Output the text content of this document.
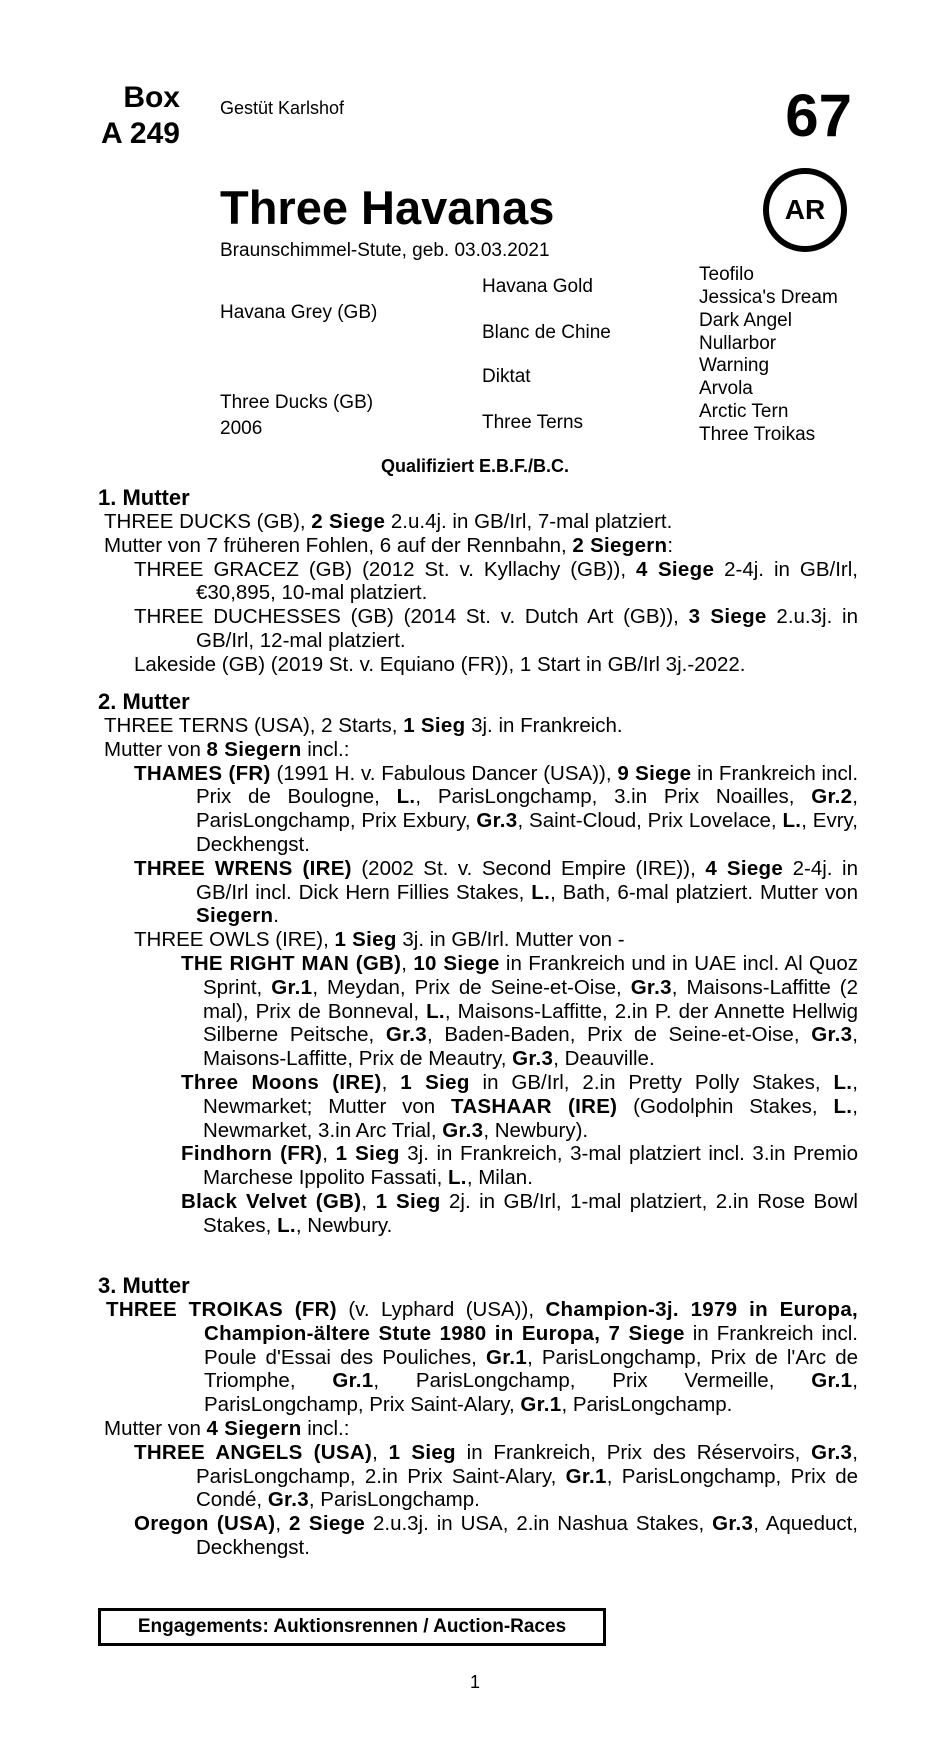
Box
A 249
Gestüt Karlshof	67
AR
Three Havanas
Braunschimmel-Stute, geb. 03.03.2021
Havana Grey (GB)
Three Ducks (GB)
2006
Havana Gold
Blanc de Chine
Diktat
Three Terns
Teofilo
Jessica's Dream
Dark Angel
Nullarbor
Warning
Arvola
Arctic Tern
Three Troikas
Qualifiziert E.B.F./B.C.

1. Mutter

THREE DUCKS (GB), 2 Siege 2.u.4j. in GB/Irl, 7-mal platziert.

Mutter von 7 früheren Fohlen, 6 auf der Rennbahn, 2 Siegern:

THREE GRACEZ (GB) (2012 St. v. Kyllachy (GB)), 4 Siege 2-4j. in GB/Irl, €30,895, 10-mal platziert.

THREE DUCHESSES (GB) (2014 St. v. Dutch Art (GB)), 3 Siege 2.u.3j. in GB/Irl, 12-mal platziert.

Lakeside (GB) (2019 St. v. Equiano (FR)), 1 Start in GB/Irl 3j.-2022.

2. Mutter

THREE TERNS (USA), 2 Starts, 1 Sieg 3j. in Frankreich.

Mutter von 8 Siegern incl.:

THAMES (FR) (1991 H. v. Fabulous Dancer (USA)), 9 Siege in Frankreich incl. Prix de Boulogne, L., ParisLongchamp, 3.in Prix Noailles, Gr.2, ParisLongchamp, Prix Exbury, Gr.3, Saint-Cloud, Prix Lovelace, L., Evry, Deckhengst.

THREE WRENS (IRE) (2002 St. v. Second Empire (IRE)), 4 Siege 2-4j. in GB/Irl incl. Dick Hern Fillies Stakes, L., Bath, 6-mal platziert. Mutter von Siegern.

THREE OWLS (IRE), 1 Sieg 3j. in GB/Irl. Mutter von -

THE RIGHT MAN (GB), 10 Siege in Frankreich und in UAE incl. Al Quoz Sprint, Gr.1, Meydan, Prix de Seine-et-Oise, Gr.3, Maisons-Laffitte (2 mal), Prix de Bonneval, L., Maisons-Laffitte, 2.in P. der Annette Hellwig Silberne Peitsche, Gr.3, Baden-Baden, Prix de Seine-et-Oise, Gr.3, Maisons-Laffitte, Prix de Meautry, Gr.3, Deauville.

Three Moons (IRE), 1 Sieg in GB/Irl, 2.in Pretty Polly Stakes, L., Newmarket; Mutter von TASHAAR (IRE) (Godolphin Stakes, L., Newmarket, 3.in Arc Trial, Gr.3, Newbury).

Findhorn (FR), 1 Sieg 3j. in Frankreich, 3-mal platziert incl. 3.in Premio Marchese Ippolito Fassati, L., Milan.

Black Velvet (GB), 1 Sieg 2j. in GB/Irl, 1-mal platziert, 2.in Rose Bowl Stakes, L., Newbury.

3. Mutter

THREE TROIKAS (FR) (v. Lyphard (USA)), Champion-3j. 1979 in Europa, Champion-ältere Stute 1980 in Europa, 7 Siege in Frankreich incl. Poule d'Essai des Pouliches, Gr.1, ParisLongchamp, Prix de l'Arc de Triomphe, Gr.1, ParisLongchamp, Prix Vermeille, Gr.1, ParisLongchamp, Prix Saint-Alary, Gr.1, ParisLongchamp.

Mutter von 4 Siegern incl.:

THREE ANGELS (USA), 1 Sieg in Frankreich, Prix des Réservoirs, Gr.3, ParisLongchamp, 2.in Prix Saint-Alary, Gr.1, ParisLongchamp, Prix de Condé, Gr.3, ParisLongchamp.

Oregon (USA), 2 Siege 2.u.3j. in USA, 2.in Nashua Stakes, Gr.3, Aqueduct, Deckhengst.

Engagements: Auktionsrennen / Auction-Races
1
